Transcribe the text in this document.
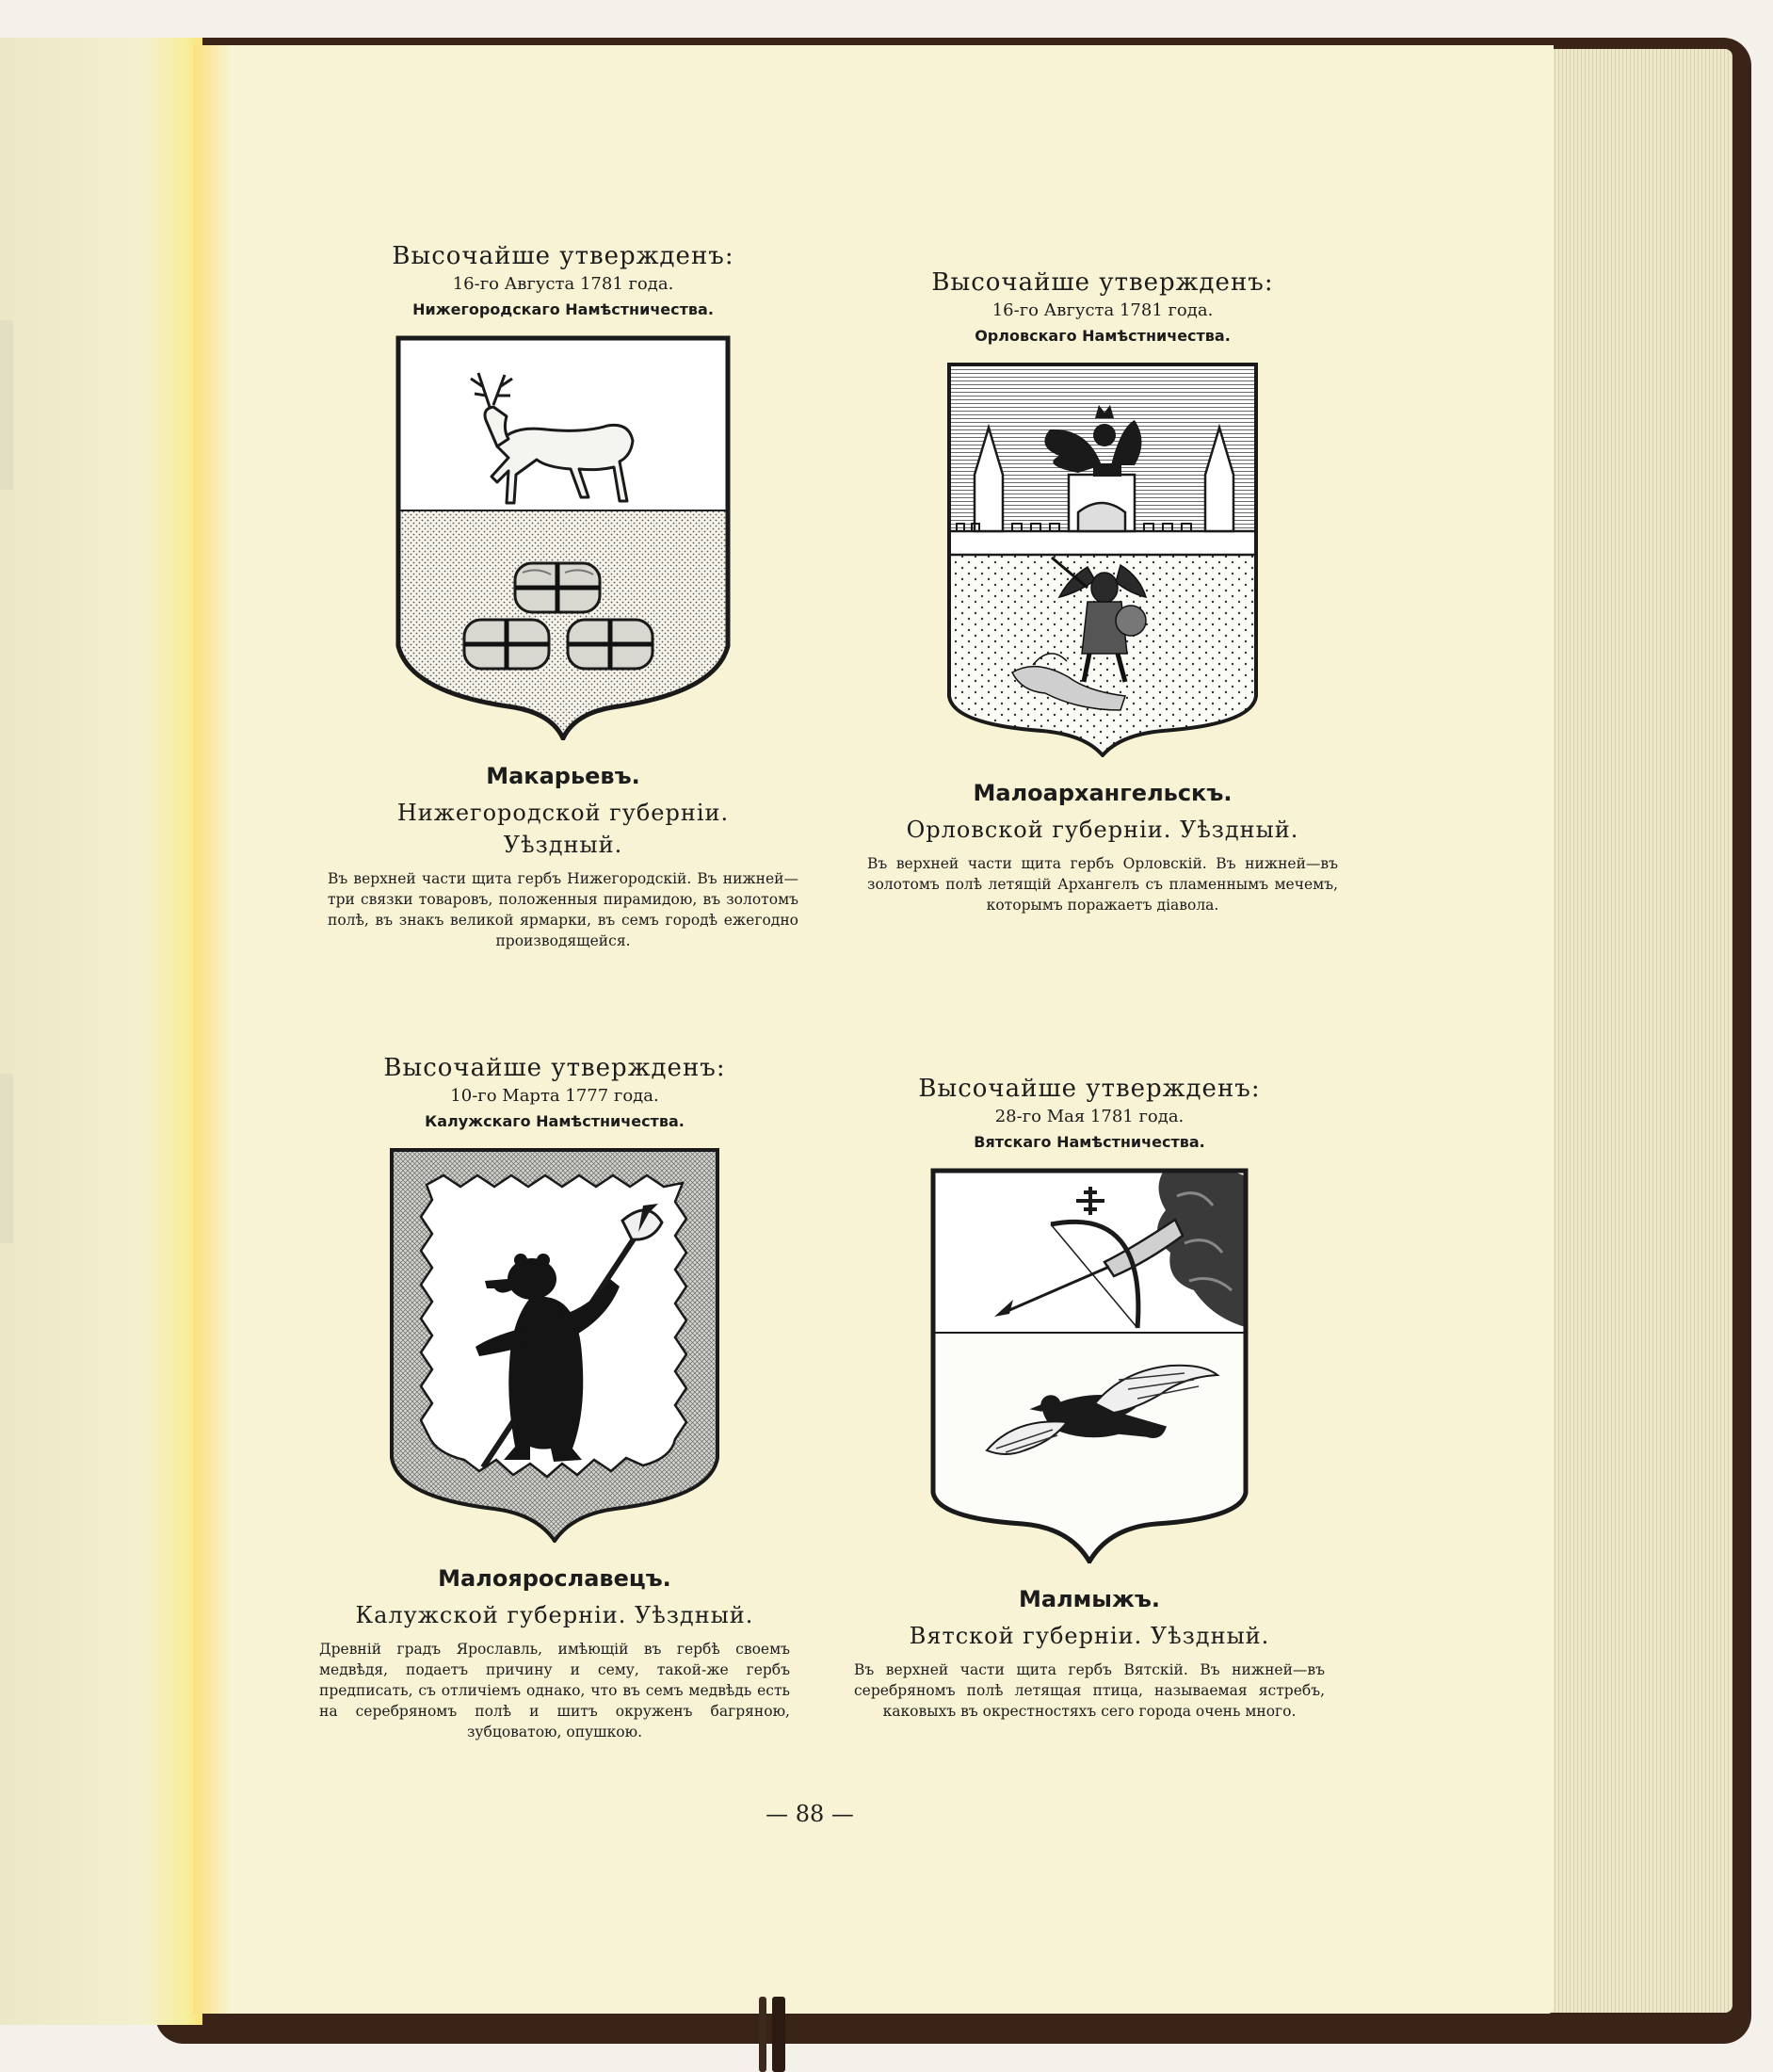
Высочайше утвержденъ:
16-го Августа 1781 года.
Нижегородскаго Намѣстничества.
Макарьевъ.
Нижегородской губерніи. Уѣздный.
Въ верхней части щита гербъ Нижегородскій. Въ нижней—три связки товаровъ, положенныя пирамидою, въ золотомъ полѣ, въ знакъ великой ярмарки, въ семъ городѣ ежегодно производящейся.
Высочайше утвержденъ:
16-го Августа 1781 года.
Орловскаго Намѣстничества.
Малоархангельскъ.
Орловской губерніи. Уѣздный.
Въ верхней части щита гербъ Орловскій. Въ нижней—въ золотомъ полѣ летящій Архангелъ съ пламеннымъ мечемъ, которымъ поражаетъ діавола.
Высочайше утвержденъ:
10-го Марта 1777 года.
Калужскаго Намѣстничества.
Малоярославецъ.
Калужской губерніи. Уѣздный.
Древній градъ Ярославль, имѣющій въ гербѣ своемъ медвѣдя, подаетъ причину и сему, такой-же гербъ предписать, съ отличіемъ однако, что въ семъ медвѣдь есть на серебряномъ полѣ и шитъ окруженъ багряною, зубцоватою, опушкою.
Высочайше утвержденъ:
28-го Мая 1781 года.
Вятскаго Намѣстничества.
Малмыжъ.
Вятской губерніи. Уѣздный.
Въ верхней части щита гербъ Вятскій. Въ нижней—въ серебряномъ полѣ летящая птица, называемая ястребъ, каковыхъ въ окрестностяхъ сего города очень много.
— 88 —
